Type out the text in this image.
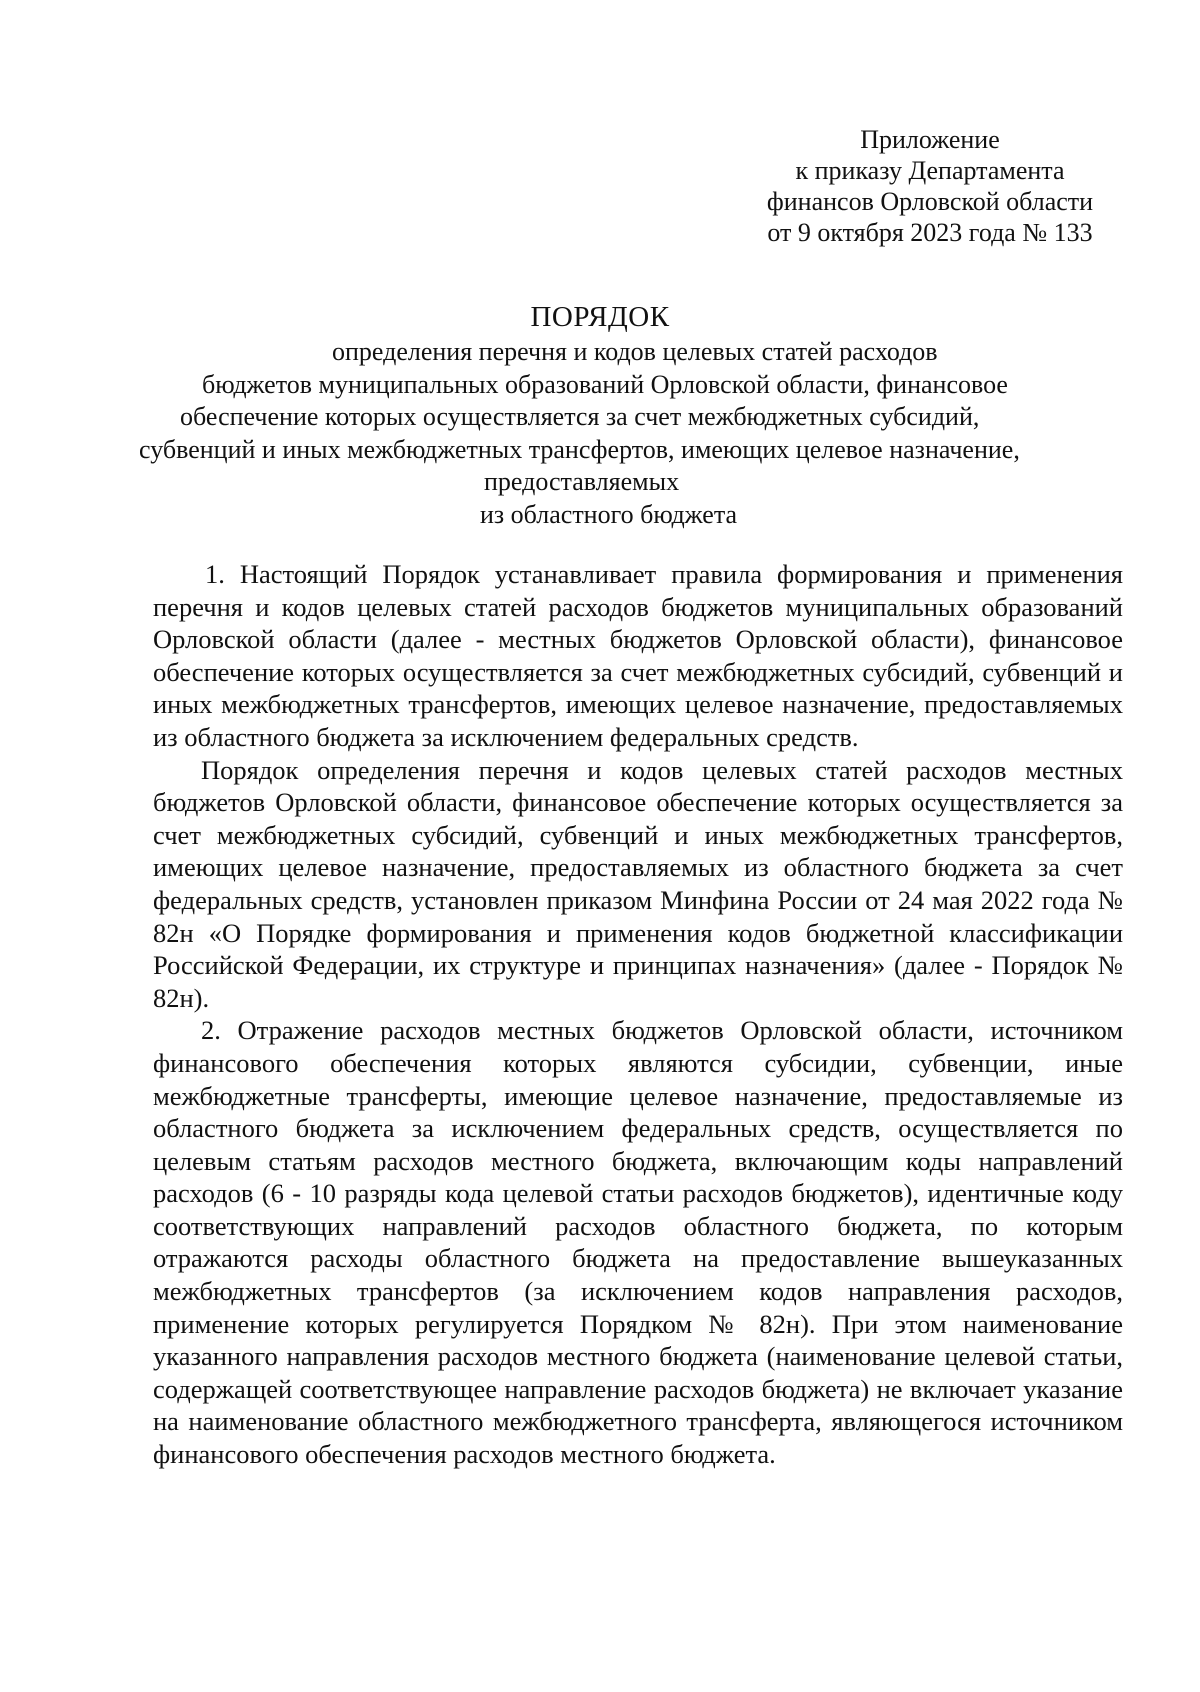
Приложение
к приказу Департамента
финансов Орловской области
от 9 октября 2023 года № 133
ПОРЯДОК
определения перечня и кодов целевых статей расходов
бюджетов муниципальных образований Орловской области, финансовое
обеспечение которых осуществляется за счет межбюджетных субсидий,
субвенций и иных межбюджетных трансфертов, имеющих целевое назначение,
предоставляемых
из областного бюджета

1. Настоящий Порядок устанавливает правила формирования и применения перечня и кодов целевых статей расходов бюджетов муниципальных образований Орловской области (далее - местных бюджетов Орловской области), финансовое обеспечение которых осуществляется за счет межбюджетных субсидий, субвенций и иных межбюджетных трансфертов, имеющих целевое назначение, предоставляемых из областного бюджета за исключением федеральных средств.

Порядок определения перечня и кодов целевых статей расходов местных бюджетов Орловской области, финансовое обеспечение которых осуществляется за счет межбюджетных субсидий, субвенций и иных межбюджетных трансфертов, имеющих целевое назначение, предоставляемых из областного бюджета за счет федеральных средств, установлен приказом Минфина России от 24 мая 2022 года № 82н «О Порядке формирования и применения кодов бюджетной классификации Российской Федерации, их структуре и принципах назначения» (далее - Порядок № 82н).

2. Отражение расходов местных бюджетов Орловской области, источником финансового обеспечения которых являются субсидии, субвенции, иные межбюджетные трансферты, имеющие целевое назначение, предоставляемые из областного бюджета за исключением федеральных средств, осуществляется по целевым статьям расходов местного бюджета, включающим коды направлений расходов (6 - 10 разряды кода целевой статьи расходов бюджетов), идентичные коду соответствующих направлений расходов областного бюджета, по которым отражаются расходы областного бюджета на предоставление вышеуказанных межбюджетных трансфертов (за исключением кодов направления расходов, применение которых регулируется Порядком № 82н). При этом наименование указанного направления расходов местного бюджета (наименование целевой статьи, содержащей соответствующее направление расходов бюджета) не включает указание на наименование областного межбюджетного трансферта, являющегося источником финансового обеспечения расходов местного бюджета.
